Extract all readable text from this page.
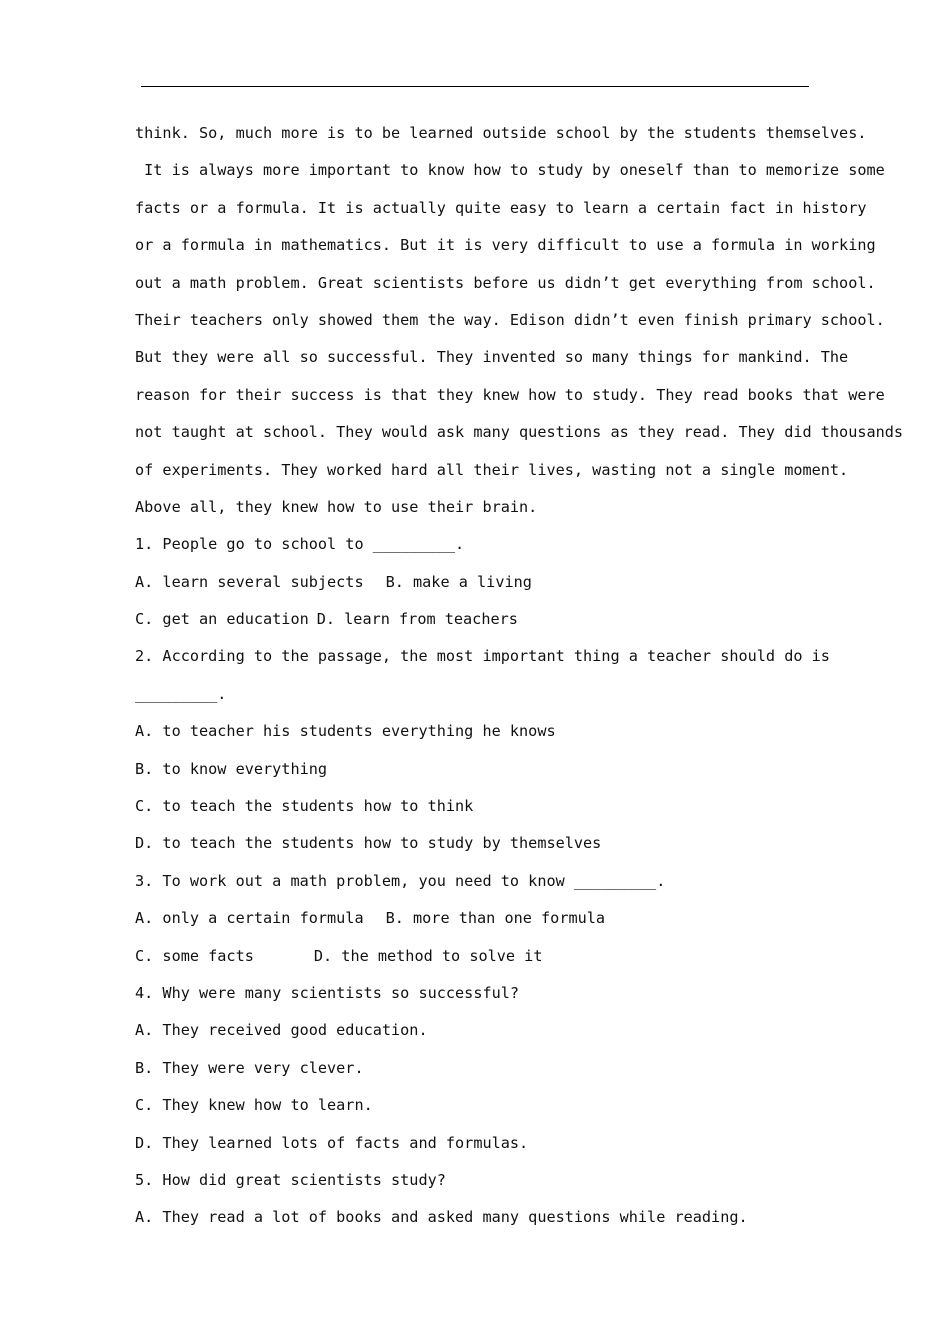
think. So, much more is to be learned outside school by the students themselves.
It is always more important to know how to study by oneself than to memorize some
facts or a formula. It is actually quite easy to learn a certain fact in history
or a formula in mathematics. But it is very difficult to use a formula in working
out a math problem. Great scientists before us didn’t get everything from school.
Their teachers only showed them the way. Edison didn’t even finish primary school.
But they were all so successful. They invented so many things for mankind. The
reason for their success is that they knew how to study. They read books that were
not taught at school. They would ask many questions as they read. They did thousands
of experiments. They worked hard all their lives, wasting not a single moment.
Above all, they knew how to use their brain.
1. People go to school to _________.
A. learn several subjects B. make a living
C. get an education D. learn from teachers
2. According to the passage, the most important thing a teacher should do is
_________.
A. to teacher his students everything he knows
B. to know everything
C. to teach the students how to think
D. to teach the students how to study by themselves
3. To work out a math problem, you need to know _________.
A. only a certain formula B. more than one formula
C. some facts	D. the method to solve it
4. Why were many scientists so successful?
A. They received good education.
B. They were very clever.
C. They knew how to learn.
D. They learned lots of facts and formulas.
5. How did great scientists study?
A. They read a lot of books and asked many questions while reading.
